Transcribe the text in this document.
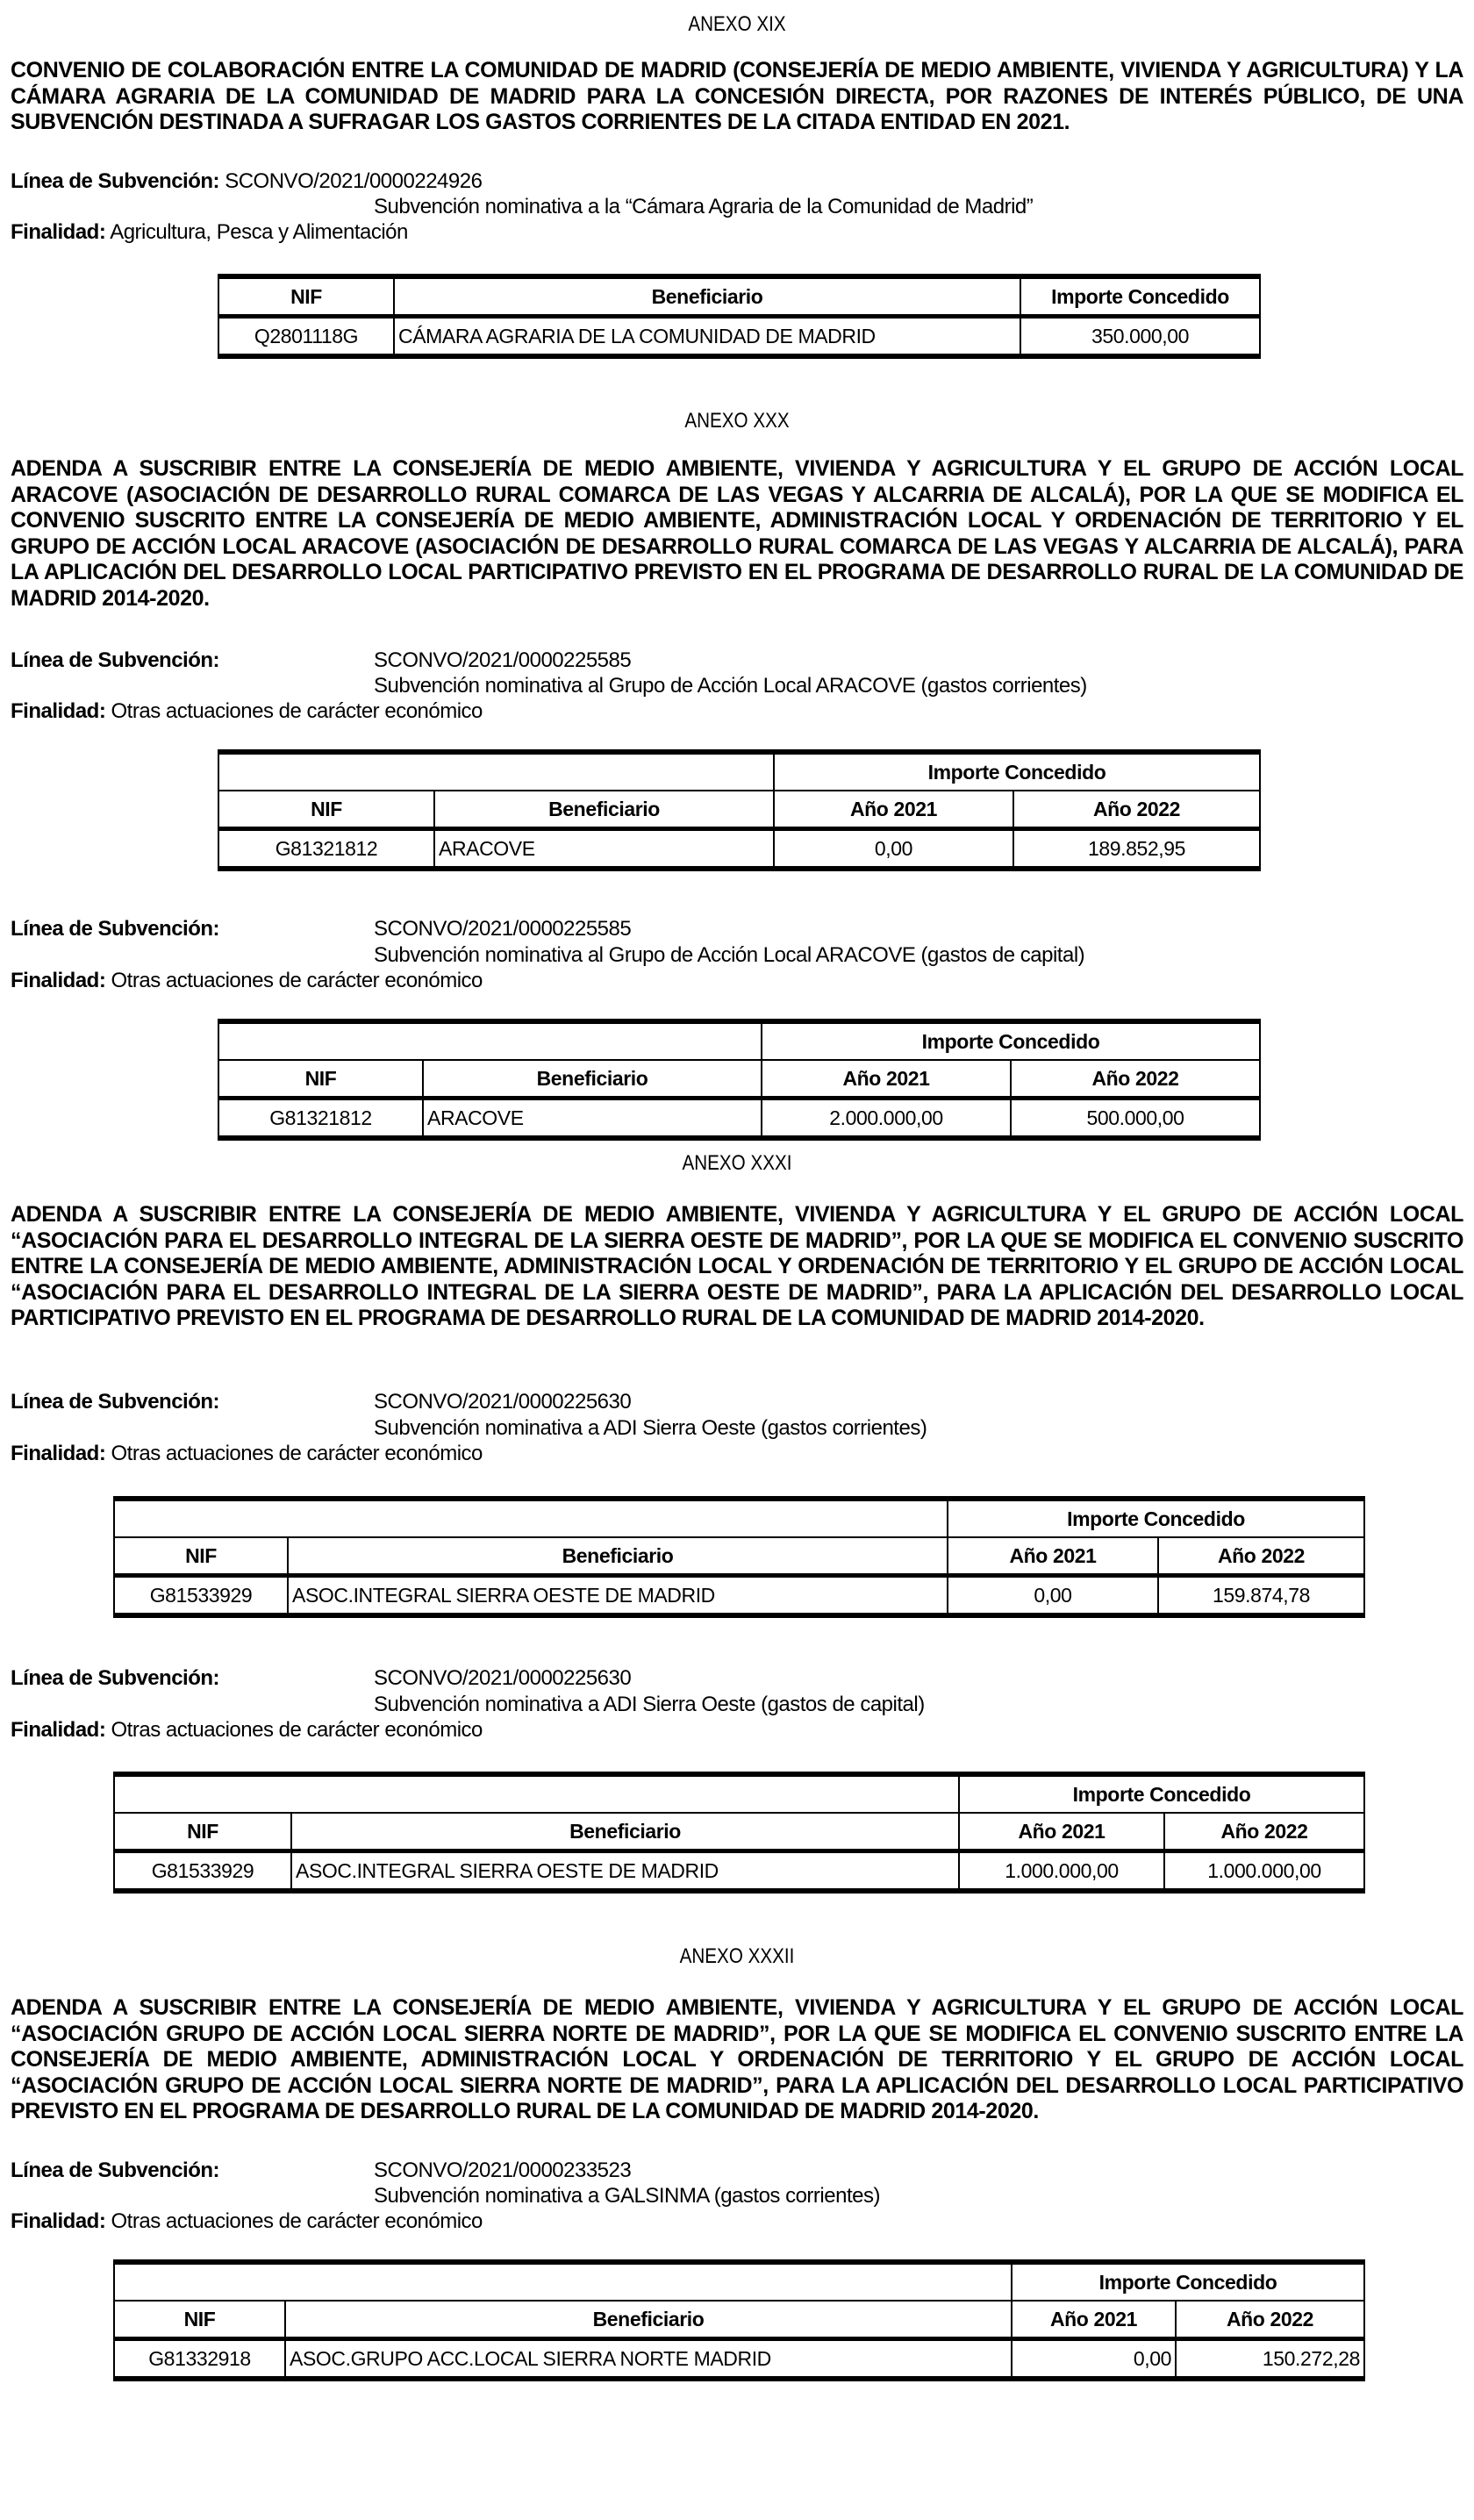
ANEXO XIX
CONVENIO DE COLABORACIÓN ENTRE LA COMUNIDAD DE MADRID (CONSEJERÍA DE MEDIO AMBIENTE, VIVIENDA Y AGRICULTURA) Y LA CÁMARA AGRARIA DE LA COMUNIDAD DE MADRID PARA LA CONCESIÓN DIRECTA, POR RAZONES DE INTERÉS PÚBLICO, DE UNA SUBVENCIÓN DESTINADA A SUFRAGAR LOS GASTOS CORRIENTES DE LA CITADA ENTIDAD EN 2021.
Línea de Subvención: SCONVO/2021/0000224926
Subvención nominativa a la “Cámara Agraria de la Comunidad de Madrid”
Finalidad: Agricultura, Pesca y Alimentación
NIF	Beneficiario	Importe Concedido
Q2801118G	CÁMARA AGRARIA DE LA COMUNIDAD DE MADRID	350.000,00
ANEXO XXX
ADENDA A SUSCRIBIR ENTRE LA CONSEJERÍA DE MEDIO AMBIENTE, VIVIENDA Y AGRICULTURA Y EL GRUPO DE ACCIÓN LOCAL ARACOVE (ASOCIACIÓN DE DESARROLLO RURAL COMARCA DE LAS VEGAS Y ALCARRIA DE ALCALÁ), POR LA QUE SE MODIFICA EL CONVENIO SUSCRITO ENTRE LA CONSEJERÍA DE MEDIO AMBIENTE, ADMINISTRACIÓN LOCAL Y ORDENACIÓN DE TERRITORIO Y EL GRUPO DE ACCIÓN LOCAL ARACOVE (ASOCIACIÓN DE DESARROLLO RURAL COMARCA DE LAS VEGAS Y ALCARRIA DE ALCALÁ), PARA LA APLICACIÓN DEL DESARROLLO LOCAL PARTICIPATIVO PREVISTO EN EL PROGRAMA DE DESARROLLO RURAL DE LA COMUNIDAD DE MADRID 2014-2020.
Línea de Subvención:	SCONVO/2021/0000225585
Subvención nominativa al Grupo de Acción Local ARACOVE (gastos corrientes)
Finalidad: Otras actuaciones de carácter económico
		Importe Concedido	
NIF	Beneficiario	Año 2021	Año 2022
G81321812	ARACOVE	0,00	189.852,95
Línea de Subvención:	SCONVO/2021/0000225585
Subvención nominativa al Grupo de Acción Local ARACOVE (gastos de capital)
Finalidad: Otras actuaciones de carácter económico
		Importe Concedido	
NIF	Beneficiario	Año 2021	Año 2022
G81321812	ARACOVE	2.000.000,00	500.000,00
ANEXO XXXI
ADENDA A SUSCRIBIR ENTRE LA CONSEJERÍA DE MEDIO AMBIENTE, VIVIENDA Y AGRICULTURA Y EL GRUPO DE ACCIÓN LOCAL “ASOCIACIÓN PARA EL DESARROLLO INTEGRAL DE LA SIERRA OESTE DE MADRID”, POR LA QUE SE MODIFICA EL CONVENIO SUSCRITO ENTRE LA CONSEJERÍA DE MEDIO AMBIENTE, ADMINISTRACIÓN LOCAL Y ORDENACIÓN DE TERRITORIO Y EL GRUPO DE ACCIÓN LOCAL “ASOCIACIÓN PARA EL DESARROLLO INTEGRAL DE LA SIERRA OESTE DE MADRID”, PARA LA APLICACIÓN DEL DESARROLLO LOCAL PARTICIPATIVO PREVISTO EN EL PROGRAMA DE DESARROLLO RURAL DE LA COMUNIDAD DE MADRID 2014-2020.
Línea de Subvención:	SCONVO/2021/0000225630
Subvención nominativa a ADI Sierra Oeste (gastos corrientes)
Finalidad: Otras actuaciones de carácter económico
		Importe Concedido	
NIF	Beneficiario	Año 2021	Año 2022
G81533929	ASOC.INTEGRAL SIERRA OESTE DE MADRID	0,00	159.874,78
Línea de Subvención:	SCONVO/2021/0000225630
Subvención nominativa a ADI Sierra Oeste (gastos de capital)
Finalidad: Otras actuaciones de carácter económico
		Importe Concedido	
NIF	Beneficiario	Año 2021	Año 2022
G81533929	ASOC.INTEGRAL SIERRA OESTE DE MADRID	1.000.000,00	1.000.000,00
ANEXO XXXII
ADENDA A SUSCRIBIR ENTRE LA CONSEJERÍA DE MEDIO AMBIENTE, VIVIENDA Y AGRICULTURA Y EL GRUPO DE ACCIÓN LOCAL “ASOCIACIÓN GRUPO DE ACCIÓN LOCAL SIERRA NORTE DE MADRID”, POR LA QUE SE MODIFICA EL CONVENIO SUSCRITO ENTRE LA CONSEJERÍA DE MEDIO AMBIENTE, ADMINISTRACIÓN LOCAL Y ORDENACIÓN DE TERRITORIO Y EL GRUPO DE ACCIÓN LOCAL “ASOCIACIÓN GRUPO DE ACCIÓN LOCAL SIERRA NORTE DE MADRID”, PARA LA APLICACIÓN DEL DESARROLLO LOCAL PARTICIPATIVO PREVISTO EN EL PROGRAMA DE DESARROLLO RURAL DE LA COMUNIDAD DE MADRID 2014-2020.
Línea de Subvención:	SCONVO/2021/0000233523
Subvención nominativa a GALSINMA (gastos corrientes)
Finalidad: Otras actuaciones de carácter económico
		Importe Concedido	
NIF	Beneficiario	Año 2021	Año 2022
G81332918	ASOC.GRUPO ACC.LOCAL SIERRA NORTE MADRID	0,00	150.272,28
